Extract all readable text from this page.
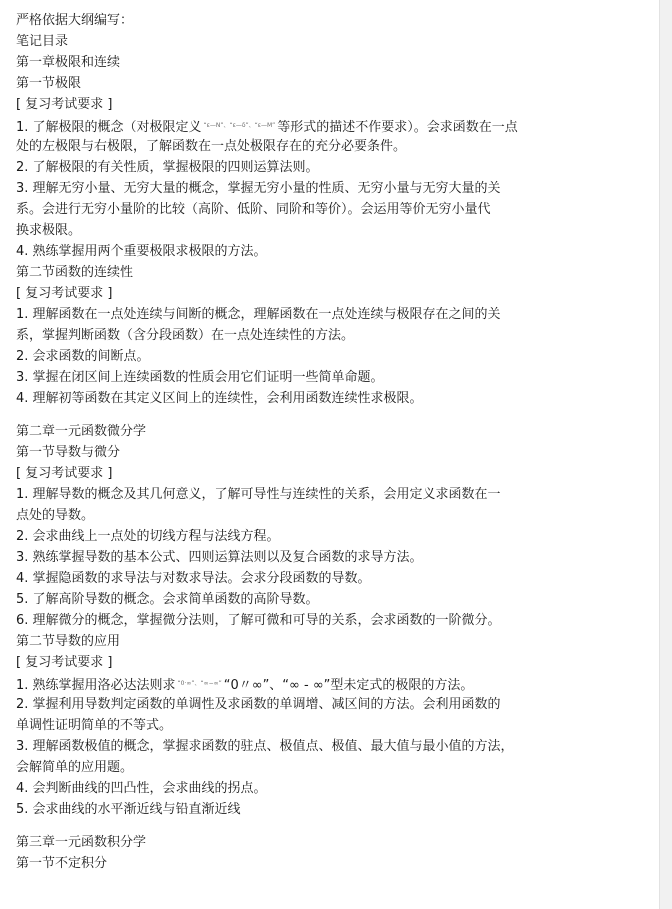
严格依据大纲编写：
笔记目录
第一章极限和连续
第一节极限
[ 复习考试要求 ]
1. 了解极限的概念（对极限定义 “ε—N”、“ε—δ”、“ε—M” 等形式的描述不作要求）。会求函数在一点
处的左极限与右极限，了解函数在一点处极限存在的充分必要条件。
2. 了解极限的有关性质，掌握极限的四则运算法则。
3. 理解无穷小量、无穷大量的概念，掌握无穷小量的性质、无穷小量与无穷大量的关
系。会进行无穷小量阶的比较（高阶、低阶、同阶和等价）。会运用等价无穷小量代
换求极限。
4. 熟练掌握用两个重要极限求极限的方法。
第二节函数的连续性
[ 复习考试要求 ]
1. 理解函数在一点处连续与间断的概念，理解函数在一点处连续与极限存在之间的关
系，掌握判断函数（含分段函数）在一点处连续性的方法。
2. 会求函数的间断点。
3. 掌握在闭区间上连续函数的性质会用它们证明一些简单命题。
4. 理解初等函数在其定义区间上的连续性，会利用函数连续性求极限。
第二章一元函数微分学
第一节导数与微分
[ 复习考试要求 ]
1. 理解导数的概念及其几何意义，了解可导性与连续性的关系，会用定义求函数在一
点处的导数。
2. 会求曲线上一点处的切线方程与法线方程。
3. 熟练掌握导数的基本公式、四则运算法则以及复合函数的求导方法。
4. 掌握隐函数的求导法与对数求导法。会求分段函数的导数。
5. 了解高阶导数的概念。会求简单函数的高阶导数。
6. 理解微分的概念，掌握微分法则，了解可微和可导的关系，会求函数的一阶微分。
第二节导数的应用
[ 复习考试要求 ]
1. 熟练掌握用洛必达法则求 “0·∞”、“∞−∞” “0〃∞”、“∞ - ∞”型未定式的极限的方法。
2. 掌握利用导数判定函数的单调性及求函数的单调增、减区间的方法。会利用函数的
单调性证明简单的不等式。
3. 理解函数极值的概念，掌握求函数的驻点、极值点、极值、最大值与最小值的方法，
会解简单的应用题。
4. 会判断曲线的凹凸性，会求曲线的拐点。
5. 会求曲线的水平渐近线与铅直渐近线
第三章一元函数积分学
第一节不定积分
